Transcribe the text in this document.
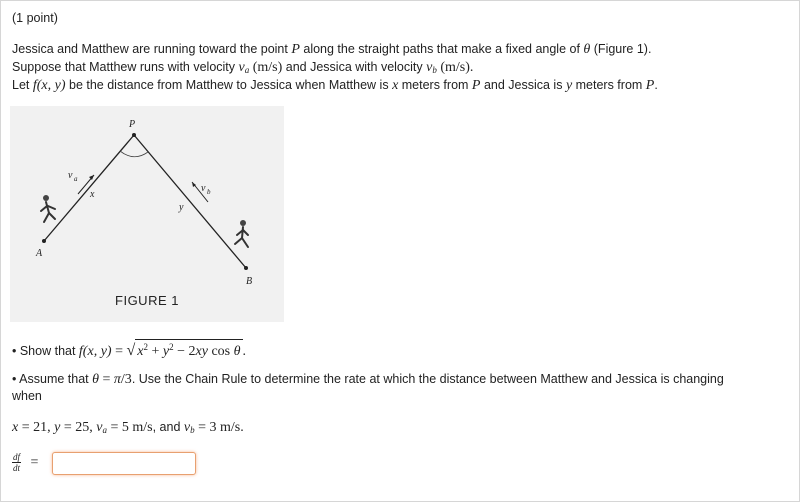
(1 point)
Jessica and Matthew are running toward the point P along the straight paths that make a fixed angle of θ (Figure 1).
Suppose that Matthew runs with velocity $v_a$ (m/s) and Jessica with velocity $v_b$ (m/s).
Let f(x, y) be the distance from Matthew to Jessica when Matthew is x meters from P and Jessica is y meters from P.
P
A
B
x
y
v a
v b
FIGURE 1
• Show that f(x, y) = √ $x^2 + y^2 - 2xy$ cos θ .
• Assume that θ = π/3. Use the Chain Rule to determine the rate at which the distance between Matthew and Jessica is changing
when
x = 21, y = 25, $v_a = 5$ m/s, and $v_b = 3$ m/s.
$\frac{df}{dt}$ =
